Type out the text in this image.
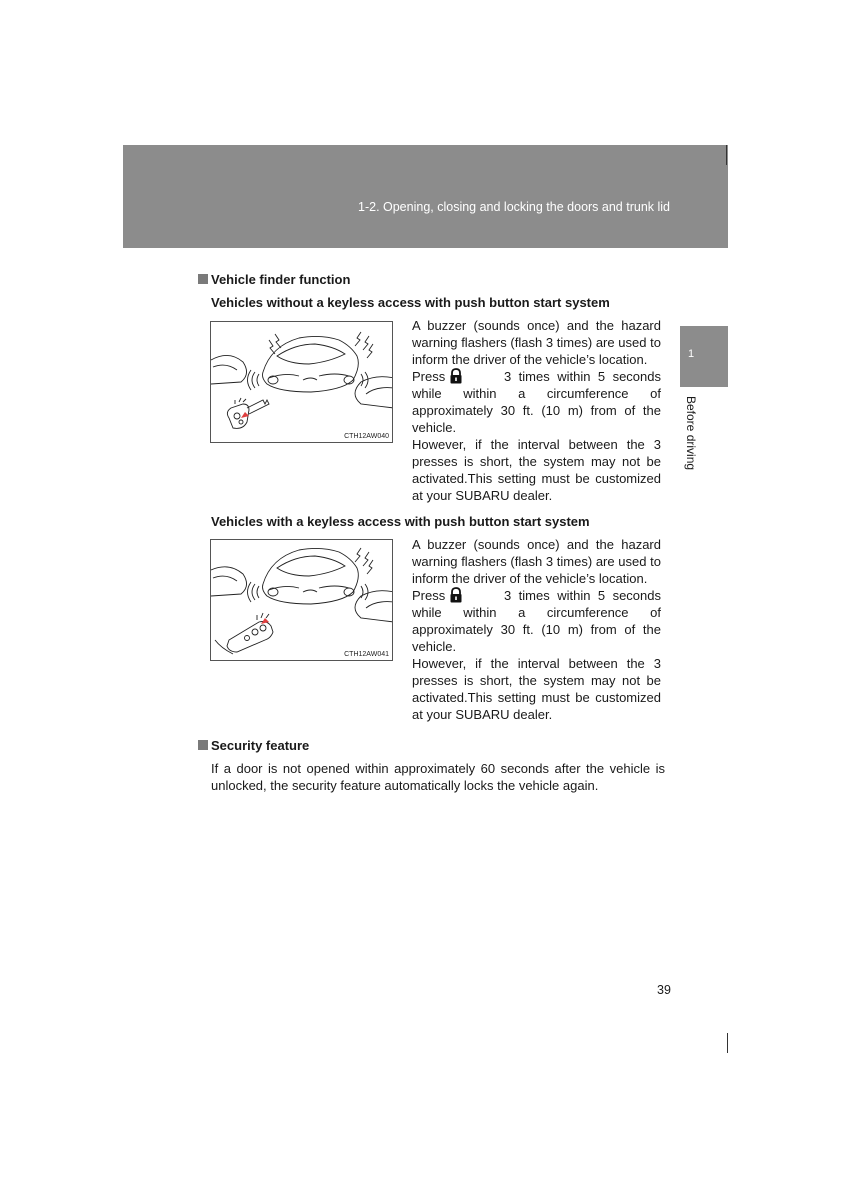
1-2. Opening, closing and locking the doors and trunk lid
1
Before driving
Vehicle finder function
Vehicles without a keyless access with push button start system
CTH12AW040

A buzzer (sounds once) and the hazard warning flashers (flash 3 times) are used to inform the driver of the vehicle’s location.

Press	3 times within 5 seconds while within a circumference of approximately 30 ft. (10 m) from of the vehicle.

However, if the interval between the 3 presses is short, the system may not be activated.This setting must be customized at your SUBARU dealer.

Vehicles with a keyless access with push button start system
CTH12AW041

A buzzer (sounds once) and the hazard warning flashers (flash 3 times) are used to inform the driver of the vehicle’s location.

Press	3 times within 5 seconds while within a circumference of approximately 30 ft. (10 m) from of the vehicle.

However, if the interval between the 3 presses is short, the system may not be activated.This setting must be customized at your SUBARU dealer.

Security feature
If a door is not opened within approximately 60 seconds after the vehicle is unlocked, the security feature automatically locks the vehicle again.
39
